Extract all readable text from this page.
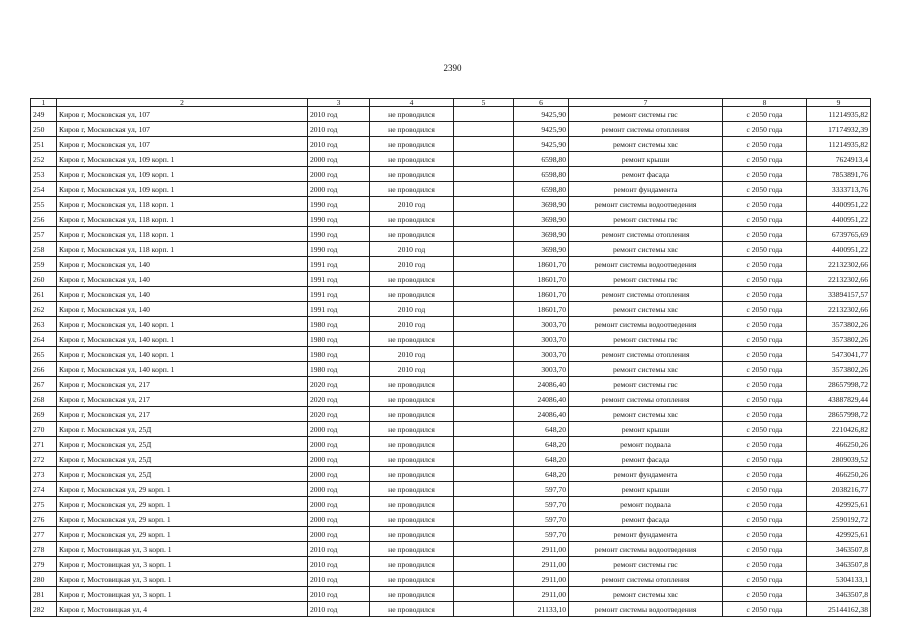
2390
1	2	3	4	5	6	7	8	9
249	Киров г, Московская ул, 107	2010 год	не проводился		9425,90	ремонт системы гвс	с 2050 года	11214935,82
250	Киров г, Московская ул, 107	2010 год	не проводился		9425,90	ремонт системы отопления	с 2050 года	17174932,39
251	Киров г, Московская ул, 107	2010 год	не проводился		9425,90	ремонт системы хвс	с 2050 года	11214935,82
252	Киров г, Московская ул, 109 корп. 1	2000 год	не проводился		6598,80	ремонт крыши	с 2050 года	7624913,4
253	Киров г, Московская ул, 109 корп. 1	2000 год	не проводился		6598,80	ремонт фасада	с 2050 года	7853891,76
254	Киров г, Московская ул, 109 корп. 1	2000 год	не проводился		6598,80	ремонт фундамента	с 2050 года	3333713,76
255	Киров г, Московская ул, 118 корп. 1	1990 год	2010 год		3698,90	ремонт системы водоотведения	с 2050 года	4400951,22
256	Киров г, Московская ул, 118 корп. 1	1990 год	не проводился		3698,90	ремонт системы гвс	с 2050 года	4400951,22
257	Киров г, Московская ул, 118 корп. 1	1990 год	не проводился		3698,90	ремонт системы отопления	с 2050 года	6739765,69
258	Киров г, Московская ул, 118 корп. 1	1990 год	2010 год		3698,90	ремонт системы хвс	с 2050 года	4400951,22
259	Киров г, Московская ул, 140	1991 год	2010 год		18601,70	ремонт системы водоотведения	с 2050 года	22132302,66
260	Киров г, Московская ул, 140	1991 год	не проводился		18601,70	ремонт системы гвс	с 2050 года	22132302,66
261	Киров г, Московская ул, 140	1991 год	не проводился		18601,70	ремонт системы отопления	с 2050 года	33894157,57
262	Киров г, Московская ул, 140	1991 год	2010 год		18601,70	ремонт системы хвс	с 2050 года	22132302,66
263	Киров г, Московская ул, 140 корп. 1	1980 год	2010 год		3003,70	ремонт системы водоотведения	с 2050 года	3573802,26
264	Киров г, Московская ул, 140 корп. 1	1980 год	не проводился		3003,70	ремонт системы гвс	с 2050 года	3573802,26
265	Киров г, Московская ул, 140 корп. 1	1980 год	2010 год		3003,70	ремонт системы отопления	с 2050 года	5473041,77
266	Киров г, Московская ул, 140 корп. 1	1980 год	2010 год		3003,70	ремонт системы хвс	с 2050 года	3573802,26
267	Киров г, Московская ул, 217	2020 год	не проводился		24086,40	ремонт системы гвс	с 2050 года	28657998,72
268	Киров г, Московская ул, 217	2020 год	не проводился		24086,40	ремонт системы отопления	с 2050 года	43887829,44
269	Киров г, Московская ул, 217	2020 год	не проводился		24086,40	ремонт системы хвс	с 2050 года	28657998,72
270	Киров г. Московская ул, 25Д	2000 год	не проводился		648,20	ремонт крыши	с 2050 года	2210426,82
271	Киров г, Московская ул, 25Д	2000 год	не проводился		648,20	ремонт подвала	с 2050 года	466250,26
272	Киров г, Московская ул, 25Д	2000 год	не проводился		648,20	ремонт фасада	с 2050 года	2809039,52
273	Киров г, Московская ул, 25Д	2000 год	не проводился		648,20	ремонт фундамента	с 2050 года	466250,26
274	Киров г, Московская ул, 29 корп. 1	2000 год	не проводился		597,70	ремонт крыши	с 2050 года	2038216,77
275	Киров г, Московская ул, 29 корп. 1	2000 год	не проводился		597,70	ремонт подвала	с 2050 года	429925,61
276	Киров г, Московская ул, 29 корп. 1	2000 год	не проводился		597,70	ремонт фасада	с 2050 года	2590192,72
277	Киров г, Московская ул, 29 корп. 1	2000 год	не проводился		597,70	ремонт фундамента	с 2050 года	429925,61
278	Киров г, Мостовицкая ул, 3 корп. 1	2010 год	не проводился		2911,00	ремонт системы водоотведения	с 2050 года	3463507,8
279	Киров г, Мостовицкая ул, 3 корп. 1	2010 год	не проводился		2911,00	ремонт системы гвс	с 2050 года	3463507,8
280	Киров г, Мостовицкая ул, 3 корп. 1	2010 год	не проводился		2911,00	ремонт системы отопления	с 2050 года	5304133,1
281	Киров г, Мостовицкая ул, 3 корп. 1	2010 год	не проводился		2911,00	ремонт системы хвс	с 2050 года	3463507,8
282	Киров г, Мостовицкая ул, 4	2010 год	не проводился		21133,10	ремонт системы водоотведения	с 2050 года	25144162,38
